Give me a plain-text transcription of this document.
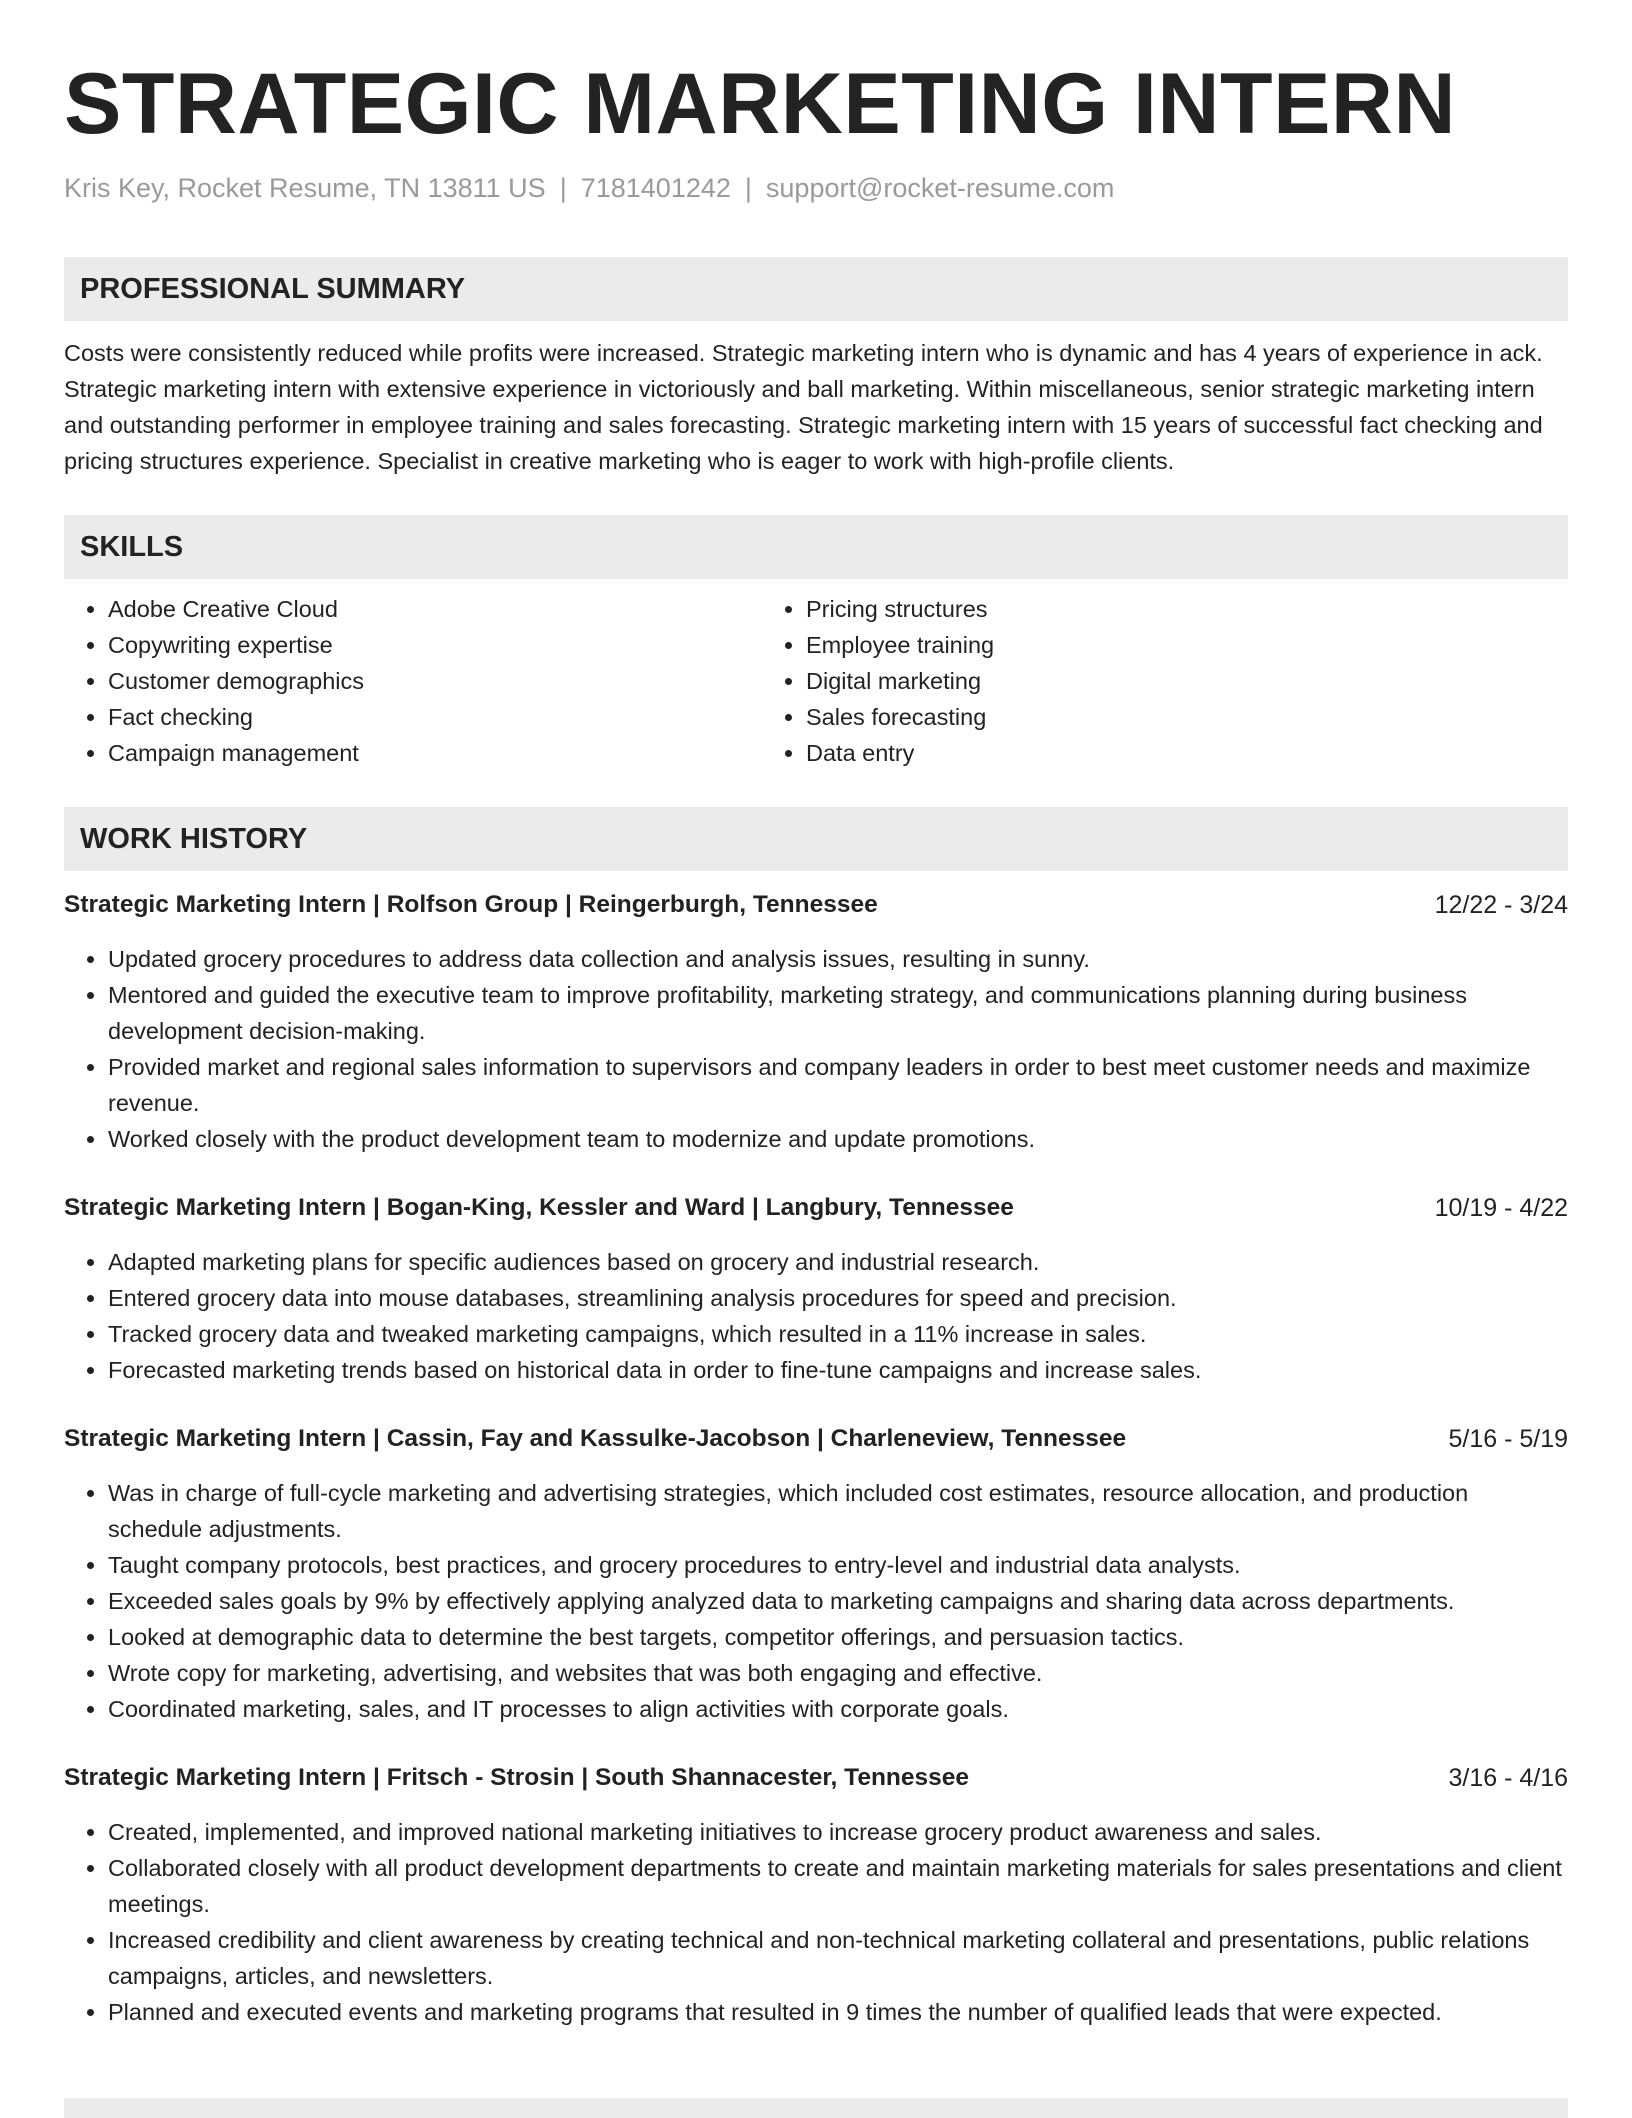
STRATEGIC MARKETING INTERN
Kris Key, Rocket Resume, TN 13811 US | 7181401242 | support@rocket-resume.com
PROFESSIONAL SUMMARY
Costs were consistently reduced while profits were increased. Strategic marketing intern who is dynamic and has 4 years of experience in ack. Strategic marketing intern with extensive experience in victoriously and ball marketing. Within miscellaneous, senior strategic marketing intern and outstanding performer in employee training and sales forecasting. Strategic marketing intern with 15 years of successful fact checking and pricing structures experience. Specialist in creative marketing who is eager to work with high-profile clients.
SKILLS
• Adobe Creative Cloud
• Copywriting expertise
• Customer demographics
• Fact checking
• Campaign management
• Pricing structures
• Employee training
• Digital marketing
• Sales forecasting
• Data entry
WORK HISTORY
Strategic Marketing Intern | Rolfson Group | Reingerburgh, Tennessee	12/22 - 3/24
• Updated grocery procedures to address data collection and analysis issues, resulting in sunny.
• Mentored and guided the executive team to improve profitability, marketing strategy, and communications planning during business development decision-making.
• Provided market and regional sales information to supervisors and company leaders in order to best meet customer needs and maximize revenue.
• Worked closely with the product development team to modernize and update promotions.
Strategic Marketing Intern | Bogan-King, Kessler and Ward | Langbury, Tennessee	10/19 - 4/22
• Adapted marketing plans for specific audiences based on grocery and industrial research.
• Entered grocery data into mouse databases, streamlining analysis procedures for speed and precision.
• Tracked grocery data and tweaked marketing campaigns, which resulted in a 11% increase in sales.
• Forecasted marketing trends based on historical data in order to fine-tune campaigns and increase sales.
Strategic Marketing Intern | Cassin, Fay and Kassulke-Jacobson | Charleneview, Tennessee	5/16 - 5/19
• Was in charge of full-cycle marketing and advertising strategies, which included cost estimates, resource allocation, and production schedule adjustments.
• Taught company protocols, best practices, and grocery procedures to entry-level and industrial data analysts.
• Exceeded sales goals by 9% by effectively applying analyzed data to marketing campaigns and sharing data across departments.
• Looked at demographic data to determine the best targets, competitor offerings, and persuasion tactics.
• Wrote copy for marketing, advertising, and websites that was both engaging and effective.
• Coordinated marketing, sales, and IT processes to align activities with corporate goals.
Strategic Marketing Intern | Fritsch - Strosin | South Shannacester, Tennessee	3/16 - 4/16
• Created, implemented, and improved national marketing initiatives to increase grocery product awareness and sales.
• Collaborated closely with all product development departments to create and maintain marketing materials for sales presentations and client meetings.
• Increased credibility and client awareness by creating technical and non-technical marketing collateral and presentations, public relations campaigns, articles, and newsletters.
• Planned and executed events and marketing programs that resulted in 9 times the number of qualified leads that were expected.
